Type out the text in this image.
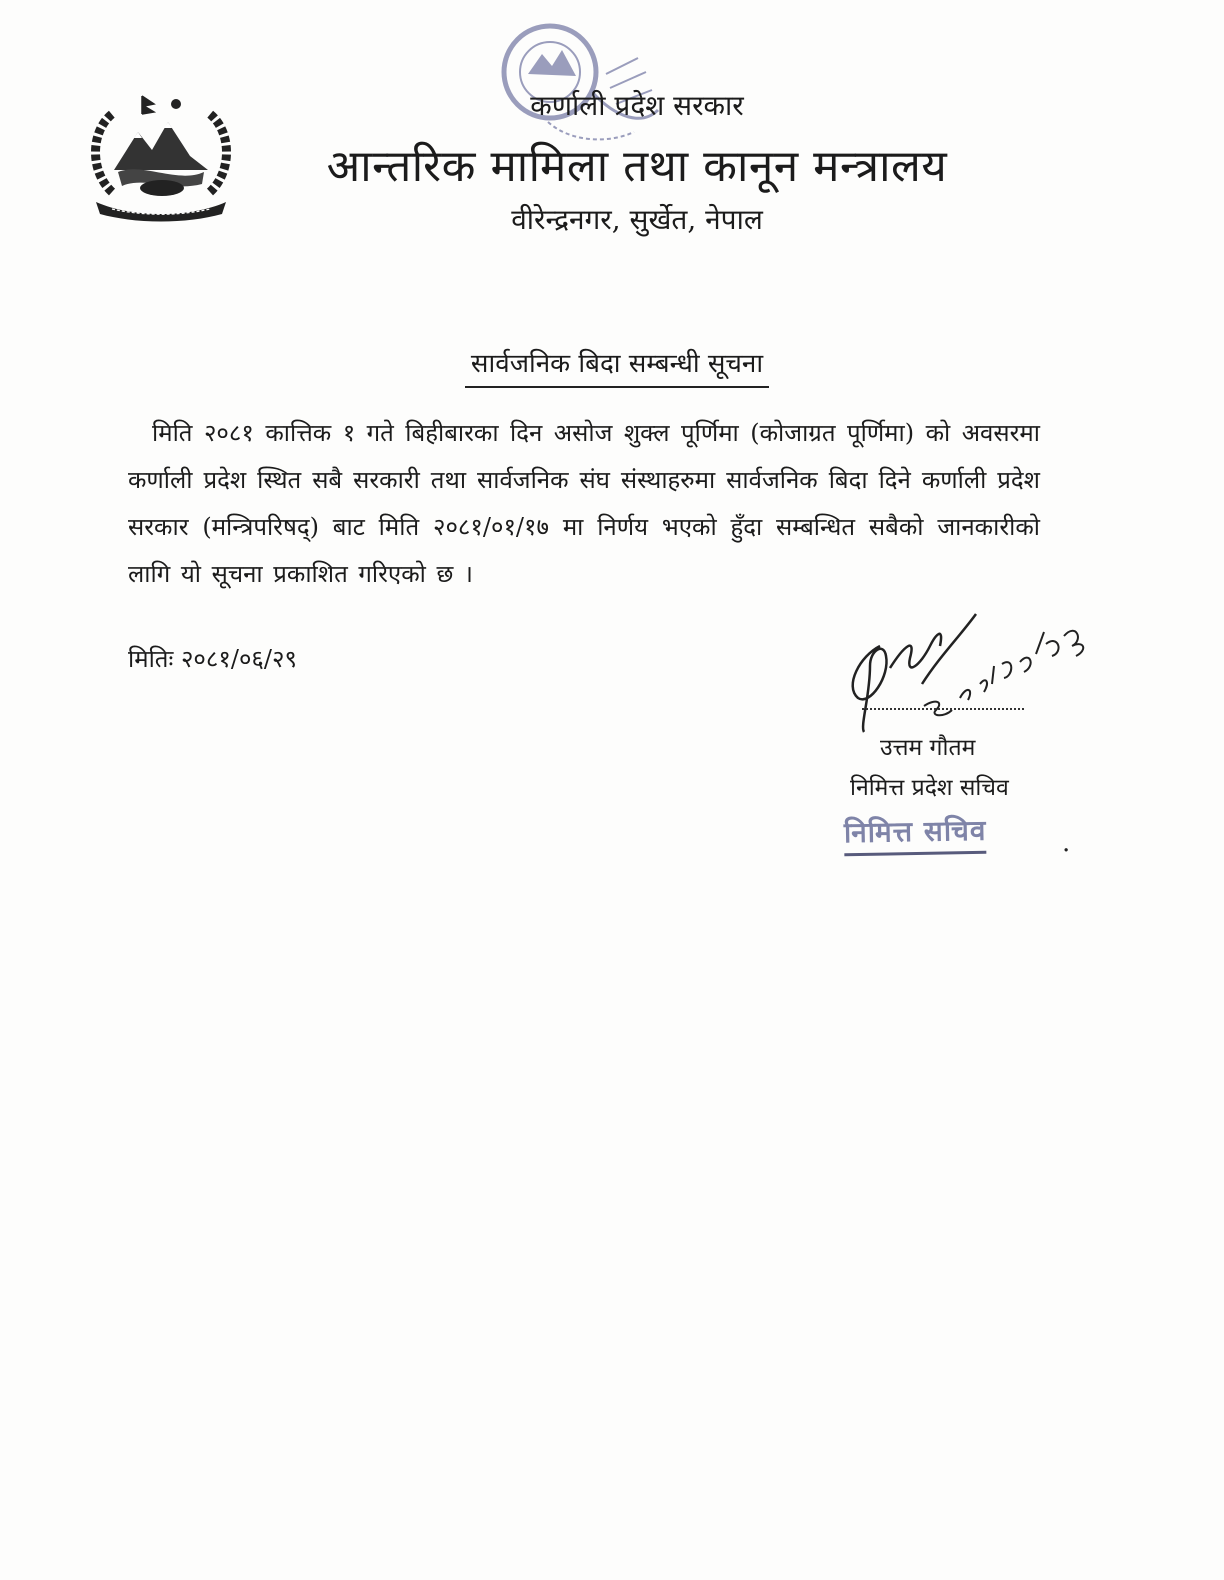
कर्णाली प्रदेश सरकार
आन्तरिक मामिला तथा कानून मन्त्रालय
वीरेन्द्रनगर, सुर्खेत, नेपाल
सार्वजनिक बिदा सम्बन्धी सूचना
मिति २०८१ कात्तिक १ गते बिहीबारका दिन असोज शुक्ल पूर्णिमा (कोजाग्रत पूर्णिमा) को अवसरमा कर्णाली प्रदेश स्थित सबै सरकारी तथा सार्वजनिक संघ संस्थाहरुमा सार्वजनिक बिदा दिने कर्णाली प्रदेश सरकार (मन्त्रिपरिषद्) बाट मिति २०८१/०१/१७ मा निर्णय भएको हुँदा सम्बन्धित सबैको जानकारीको लागि यो सूचना प्रकाशित गरिएको छ ।
मितिः २०८१/०६/२९
उत्तम गौतम
निमित्त प्रदेश सचिव
निमित्त सचिव	.
